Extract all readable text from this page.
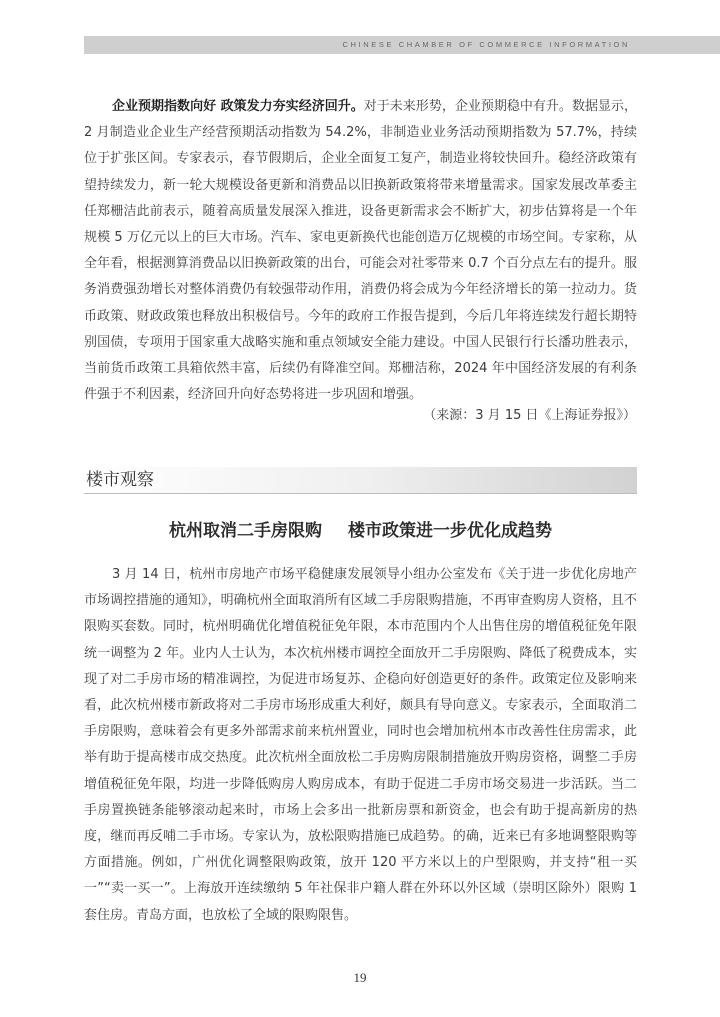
CHINESE CHAMBER OF COMMERCE INFORMATION

企业预期指数向好 政策发力夯实经济回升。对于未来形势，企业预期稳中有升。数据显示，2 月制造业企业生产经营预期活动指数为 54.2%，非制造业业务活动预期指数为 57.7%，持续位于扩张区间。专家表示，春节假期后，企业全面复工复产，制造业将较快回升。稳经济政策有望持续发力，新一轮大规模设备更新和消费品以旧换新政策将带来增量需求。国家发展改革委主任郑栅洁此前表示，随着高质量发展深入推进，设备更新需求会不断扩大，初步估算将是一个年规模 5 万亿元以上的巨大市场。汽车、家电更新换代也能创造万亿规模的市场空间。专家称，从全年看，根据测算消费品以旧换新政策的出台，可能会对社零带来 0.7 个百分点左右的提升。服务消费强劲增长对整体消费仍有较强带动作用，消费仍将会成为今年经济增长的第一拉动力。货币政策、财政政策也释放出积极信号。今年的政府工作报告提到，今后几年将连续发行超长期特别国债，专项用于国家重大战略实施和重点领域安全能力建设。中国人民银行行长潘功胜表示，当前货币政策工具箱依然丰富，后续仍有降准空间。郑栅洁称，2024 年中国经济发展的有利条件强于不利因素，经济回升向好态势将进一步巩固和增强。

（来源：3 月 15 日《上海证券报》）
楼市观察
杭州取消二手房限购 楼市政策进一步优化成趋势

3 月 14 日，杭州市房地产市场平稳健康发展领导小组办公室发布《关于进一步优化房地产市场调控措施的通知》，明确杭州全面取消所有区域二手房限购措施，不再审查购房人资格，且不限购买套数。同时，杭州明确优化增值税征免年限，本市范围内个人出售住房的增值税征免年限统一调整为 2 年。业内人士认为，本次杭州楼市调控全面放开二手房限购、降低了税费成本，实现了对二手房市场的精准调控，为促进市场复苏、企稳向好创造更好的条件。政策定位及影响来看，此次杭州楼市新政将对二手房市场形成重大利好，颇具有导向意义。专家表示，全面取消二手房限购，意味着会有更多外部需求前来杭州置业，同时也会增加杭州本市改善性住房需求，此举有助于提高楼市成交热度。此次杭州全面放松二手房购房限制措施放开购房资格，调整二手房增值税征免年限，均进一步降低购房人购房成本，有助于促进二手房市场交易进一步活跃。当二手房置换链条能够滚动起来时，市场上会多出一批新房票和新资金，也会有助于提高新房的热度，继而再反哺二手市场。专家认为，放松限购措施已成趋势。的确，近来已有多地调整限购等方面措施。例如，广州优化调整限购政策，放开 120 平方米以上的户型限购，并支持“租一买一”“卖一买一”。上海放开连续缴纳 5 年社保非户籍人群在外环以外区域（崇明区除外）限购 1 套住房。青岛方面，也放松了全域的限购限售。

19
